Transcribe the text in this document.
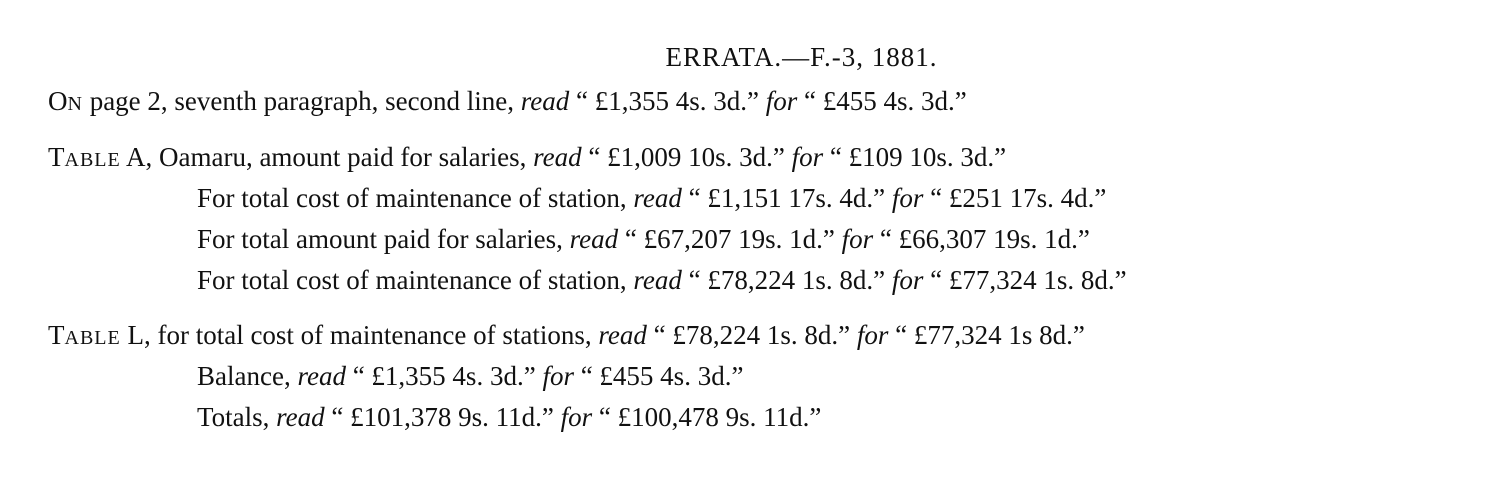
ERRATA.—F.-3, 1881.
ON page 2, seventh paragraph, second line, read “ £1,355 4s. 3d.” for “ £455 4s. 3d.”
TABLE A, Oamaru, amount paid for salaries, read “ £1,009 10s. 3d.” for “ £109 10s. 3d.”
For total cost of maintenance of station, read “ £1,151 17s. 4d.” for “ £251 17s. 4d.”
For total amount paid for salaries, read “ £67,207 19s. 1d.” for “ £66,307 19s. 1d.”
For total cost of maintenance of station, read “ £78,224 1s. 8d.” for “ £77,324 1s. 8d.”
TABLE L, for total cost of maintenance of stations, read “ £78,224 1s. 8d.” for “ £77,324 1s 8d.”
Balance, read “ £1,355 4s. 3d.” for “ £455 4s. 3d.”
Totals, read “ £101,378 9s. 11d.” for “ £100,478 9s. 11d.”
